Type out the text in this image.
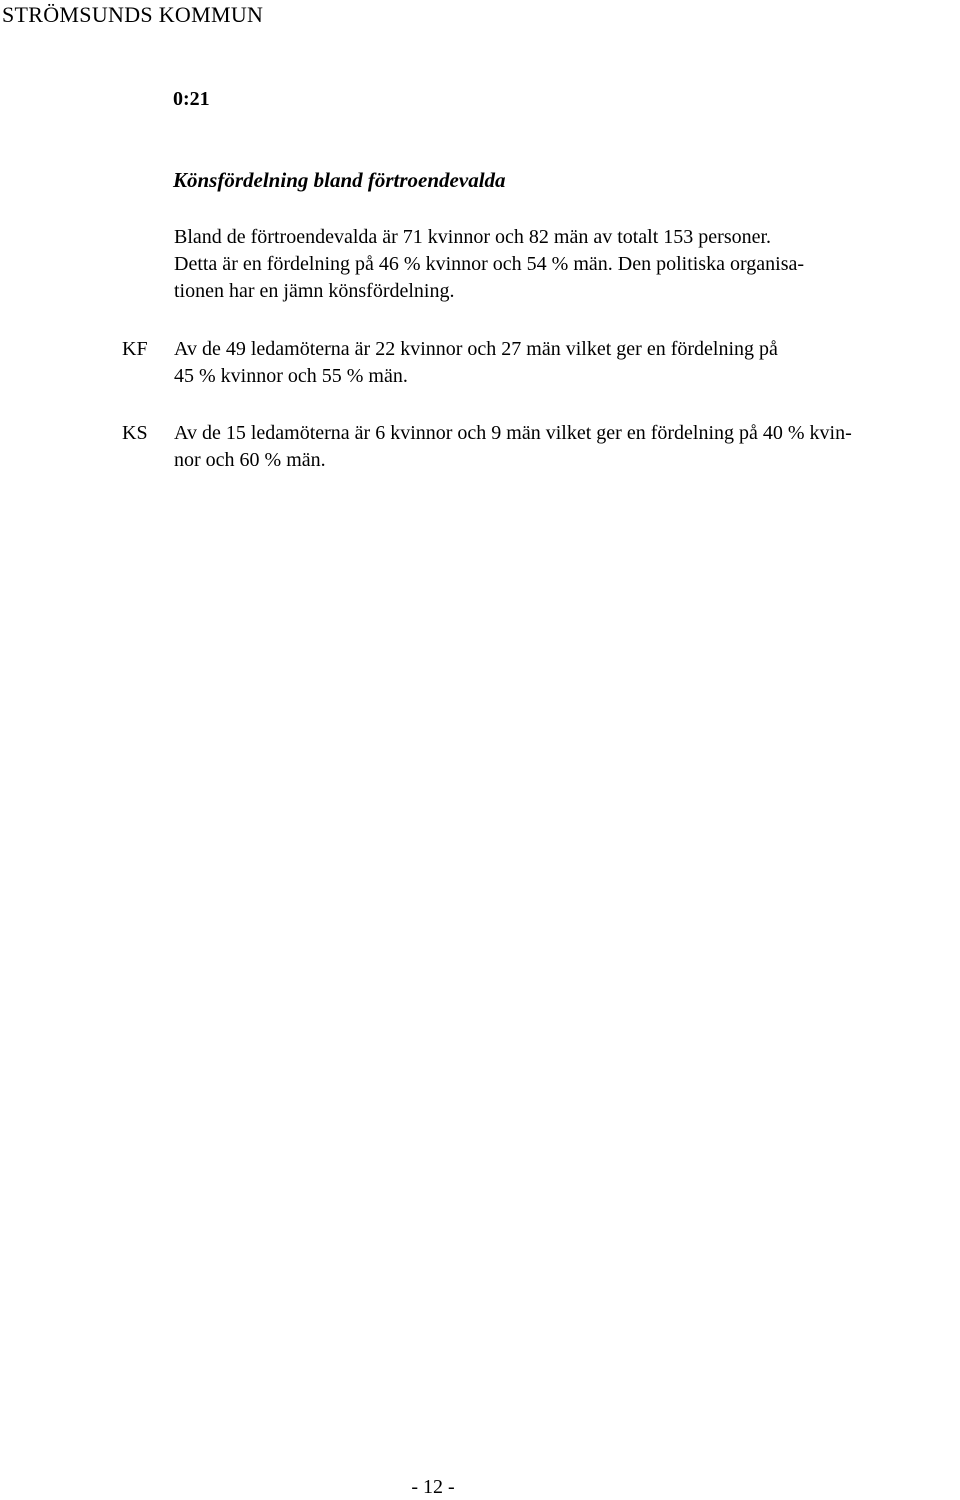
STRÖMSUNDS KOMMUN
0:21
Könsfördelning bland förtroendevalda
Bland de förtroendevalda är 71 kvinnor och 82 män av totalt 153 personer.
Detta är en fördelning på 46 % kvinnor och 54 % män. Den politiska organisa-
tionen har en jämn könsfördelning.
KF Av de 49 ledamöterna är 22 kvinnor och 27 män vilket ger en fördelning på
45 % kvinnor och 55 % män.
KS Av de 15 ledamöterna är 6 kvinnor och 9 män vilket ger en fördelning på 40 % kvin-
nor och 60 % män.
- 12 -
